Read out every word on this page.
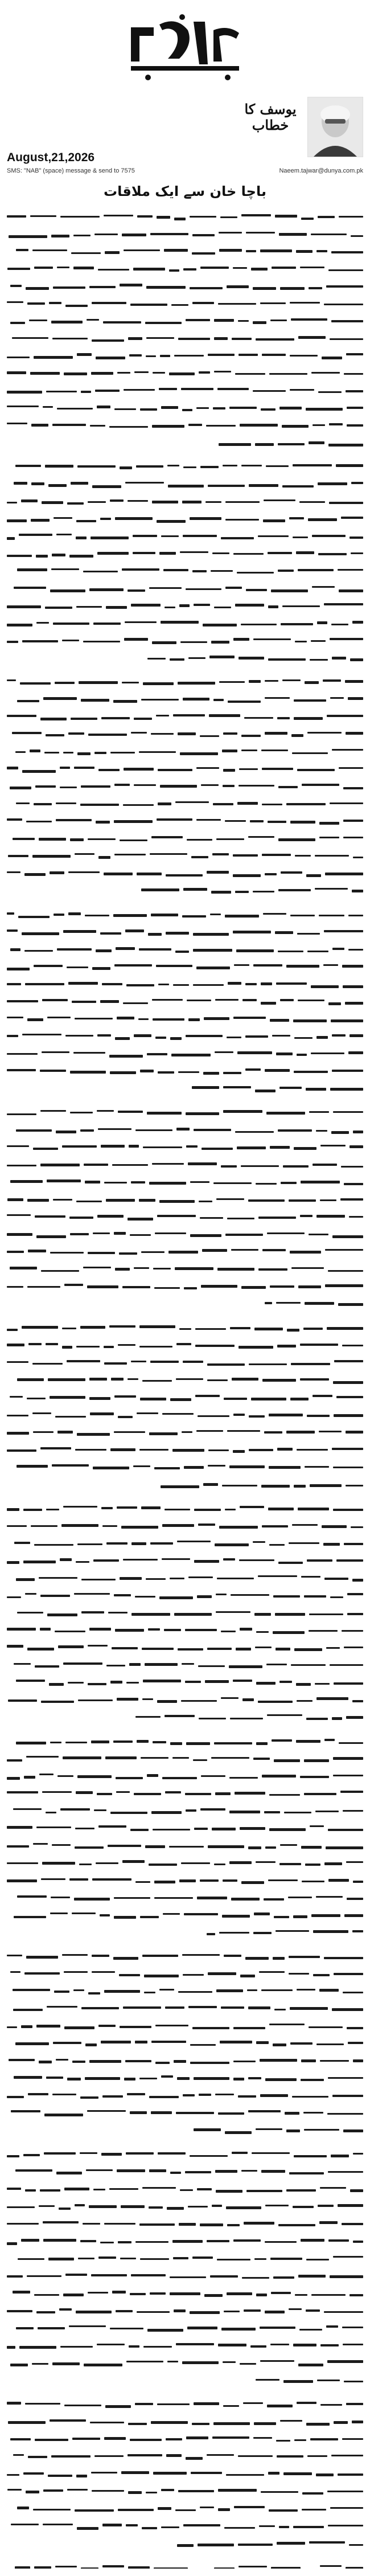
یوسف کا خطاب
August,21,2026
SMS: "NAB" (space) message & send to 7575	Naeem.tajwar@dunya.com.pk
باچا خان سے ایک ملاقات
